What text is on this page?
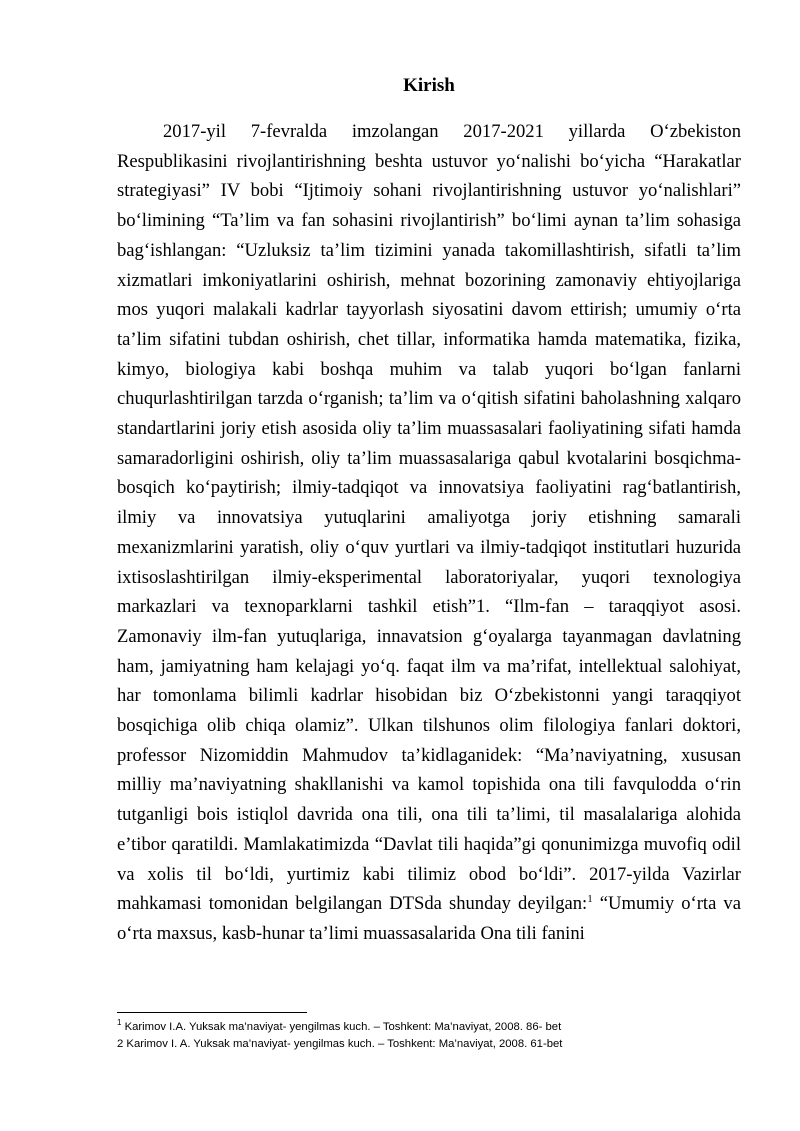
Kirish

2017-yil 7-fevralda imzolangan 2017-2021 yillarda O‘zbekiston Respublikasini rivojlantirishning beshta ustuvor yo‘nalishi bo‘yicha “Harakatlar strategiyasi” IV bobi “Ijtimoiy sohani rivojlantirishning ustuvor yo‘nalishlari” bo‘limining “Ta’lim va fan sohasini rivojlantirish” bo‘limi aynan ta’lim sohasiga bag‘ishlangan: “Uzluksiz ta’lim tizimini yanada takomillashtirish, sifatli ta’lim xizmatlari imkoniyatlarini oshirish, mehnat bozorining zamonaviy ehtiyojlariga mos yuqori malakali kadrlar tayyorlash siyosatini davom ettirish; umumiy o‘rta ta’lim sifatini tubdan oshirish, chet tillar, informatika hamda matematika, fizika, kimyo, biologiya kabi boshqa muhim va talab yuqori bo‘lgan fanlarni chuqurlashtirilgan tarzda o‘rganish; ta’lim va o‘qitish sifatini baholashning xalqaro standartlarini joriy etish asosida oliy ta’lim muassasalari faoliyatining sifati hamda samaradorligini oshirish, oliy ta’lim muassasalariga qabul kvotalarini bosqichma-bosqich ko‘paytirish; ilmiy-tadqiqot va innovatsiya faoliyatini rag‘batlantirish, ilmiy va innovatsiya yutuqlarini amaliyotga joriy etishning samarali mexanizmlarini yaratish, oliy o‘quv yurtlari va ilmiy-tadqiqot institutlari huzurida ixtisoslashtirilgan ilmiy-eksperimental laboratoriyalar, yuqori texnologiya markazlari va texnoparklarni tashkil etish”1. “Ilm-fan – taraqqiyot asosi. Zamonaviy ilm-fan yutuqlariga, innavatsion g‘oyalarga tayanmagan davlatning ham, jamiyatning ham kelajagi yo‘q. faqat ilm va ma’rifat, intellektual salohiyat, har tomonlama bilimli kadrlar hisobidan biz O‘zbekistonni yangi taraqqiyot bosqichiga olib chiqa olamiz”. Ulkan tilshunos olim filologiya fanlari doktori, professor Nizomiddin Mahmudov ta’kidlaganidek: “Ma’naviyatning, xususan milliy ma’naviyatning shakllanishi va kamol topishida ona tili favqulodda o‘rin tutganligi bois istiqlol davrida ona tili, ona tili ta’limi, til masalalariga alohida e’tibor qaratildi. Mamlakatimizda “Davlat tili haqida”gi qonunimizga muvofiq odil va xolis til bo‘ldi, yurtimiz kabi tilimiz obod bo‘ldi”. 2017-yilda Vazirlar mahkamasi tomonidan belgilangan DTSda shunday deyilgan:$^1$ “Umumiy o‘rta va o‘rta maxsus, kasb-hunar ta’limi muassasalarida Ona tili fanini

$^1$ Karimov I.A. Yuksak ma’naviyat- yengilmas kuch. – Toshkent: Ma’naviyat, 2008. 86- bet
2 Karimov I. A. Yuksak ma’naviyat- yengilmas kuch. – Toshkent: Ma’naviyat, 2008. 61-bet
